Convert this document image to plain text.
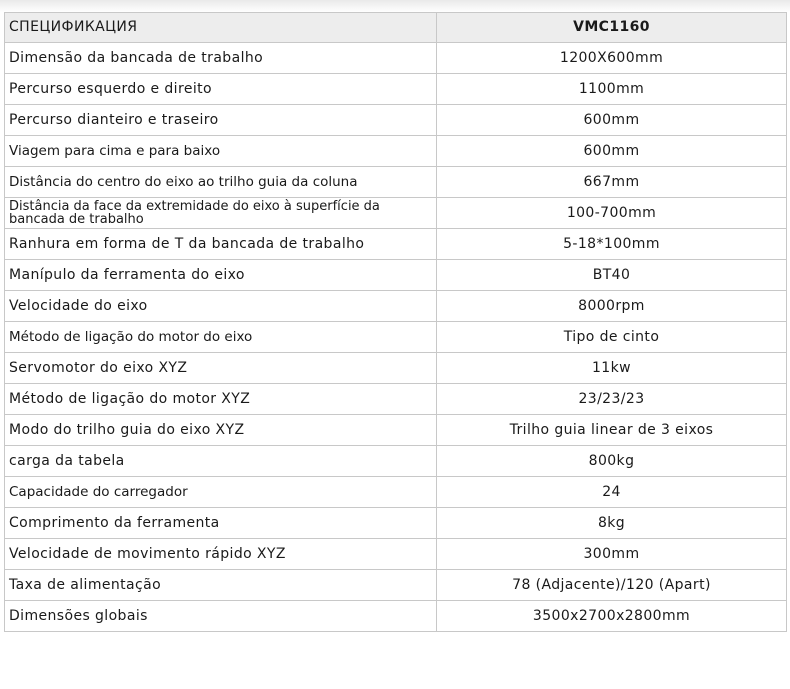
СПЕЦИФИКАЦИЯ	VMC1160
Dimensão da bancada de trabalho	1200X600mm
Percurso esquerdo e direito	1100mm
Percurso dianteiro e traseiro	600mm
Viagem para cima e para baixo	600mm
Distância do centro do eixo ao trilho guia da coluna	667mm
Distância da face da extremidade do eixo à superfície da bancada de trabalho	100-700mm
Ranhura em forma de T da bancada de trabalho	5-18*100mm
Manípulo da ferramenta do eixo	BT40
Velocidade do eixo	8000rpm
Método de ligação do motor do eixo	Tipo de cinto
Servomotor do eixo XYZ	11kw
Método de ligação do motor XYZ	23/23/23
Modo do trilho guia do eixo XYZ	Trilho guia linear de 3 eixos
carga da tabela	800kg
Capacidade do carregador	24
Comprimento da ferramenta	8kg
Velocidade de movimento rápido XYZ	300mm
Taxa de alimentação	78 (Adjacente)/120 (Apart)
Dimensões globais	3500x2700x2800mm
